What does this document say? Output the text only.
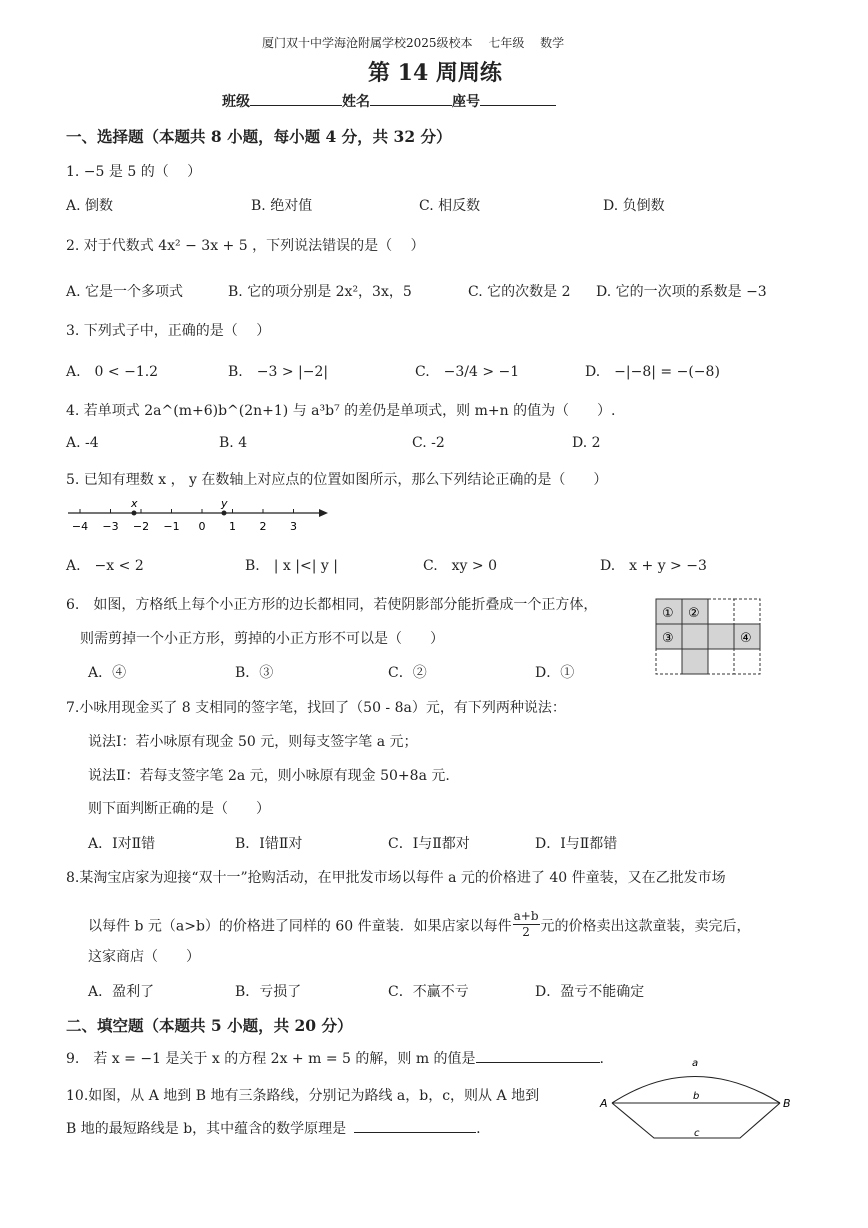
厦门双十中学海沧附属学校2025级校本　 七年级　 数学
第 14 周周练
班级	姓名	座号
一、选择题（本题共 8 小题，每小题 4 分，共 32 分）
1. −5 是 5 的（　 ）
A. 倒数	B. 绝对值	C. 相反数	D. 负倒数
2. 对于代数式 4x² − 3x + 5 ，下列说法错误的是（　 ）
A. 它是一个多项式	B. 它的项分别是 2x²，3x，5	C. 它的次数是 2 D. 它的一次项的系数是 −3
3. 下列式子中，正确的是（　 ）
A.　0 < −1.2	B.　−3 > |−2|	C.　−3/4 > −1	D.　−|−8| = −(−8)
4. 若单项式 2a^(m+6)b^(2n+1) 与 a³b⁷ 的差仍是单项式，则 m+n 的值为（　　）.
A. -4	B. 4	C. -2	D. 2
5. 已知有理数 x ， y 在数轴上对应点的位置如图所示，那么下列结论正确的是（　　）
−4 −3 −2 −1 0 1 2 3
x	y
A.　−x < 2	B.　| x |<| y |	C.　xy > 0	D.　x + y > −3
6.　如图，方格纸上每个小正方形的边长都相同，若使阴影部分能折叠成一个正方体，
则需剪掉一个小正方形，剪掉的小正方形不可以是（　　）
① ②
③	④
A．④	B．③	C．②	D．①
7.小咏用现金买了 8 支相同的签字笔，找回了（50 - 8a）元，有下列两种说法：
说法Ⅰ：若小咏原有现金 50 元，则每支签字笔 a 元；
说法Ⅱ：若每支签字笔 2a 元，则小咏原有现金 50+8a 元.
则下面判断正确的是（　　）
A．Ⅰ对Ⅱ错	B．Ⅰ错Ⅱ对	C．Ⅰ与Ⅱ都对	D．Ⅰ与Ⅱ都错
8.某淘宝店家为迎接“双十一”抢购活动，在甲批发市场以每件 a 元的价格进了 40 件童装，又在乙批发市场
以每件 b 元（a>b）的价格进了同样的 60 件童装．如果店家以每件 $\frac{a+b}{2}$ 元的价格卖出这款童装，卖完后，
这家商店（　　）
A．盈利了	B．亏损了	C．不赢不亏	D．盈亏不能确定
二、填空题（本题共 5 小题，共 20 分）
9.　若 x = −1 是关于 x 的方程 2x + m = 5 的解，则 m 的值是	.
10.如图，从 A 地到 B 地有三条路线，分别记为路线 a，b，c，则从 A 地到
B 地的最短路线是 b，其中蕴含的数学原理是	.
a
b
c
A	B
